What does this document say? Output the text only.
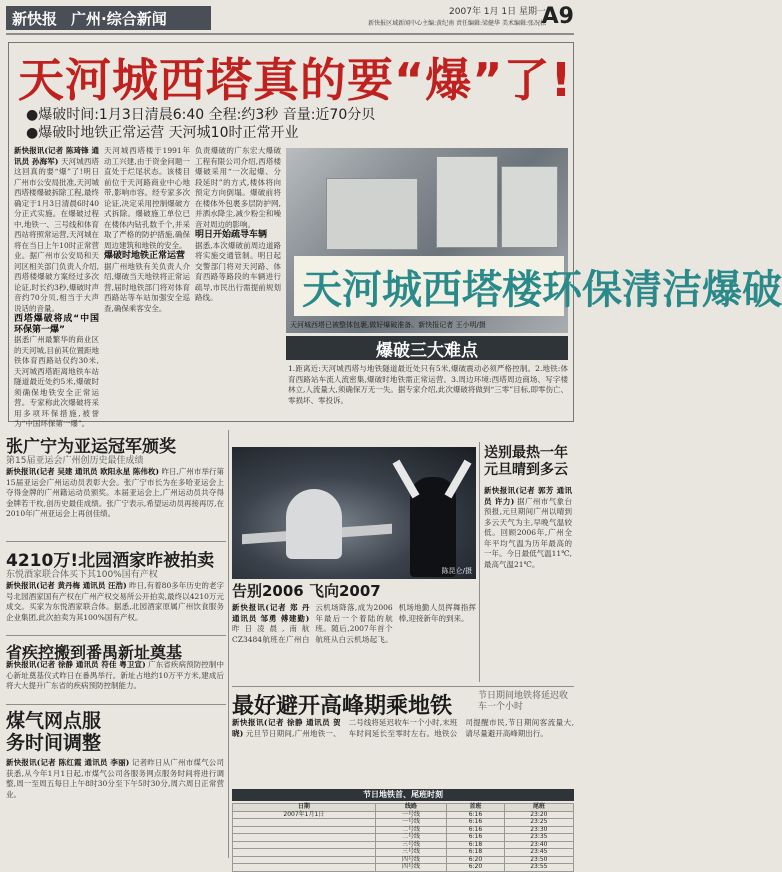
新快报 广州·综合新闻	2007年 1月 1日 星期一
新快报区域新闻中心主编:黄纪南 责任编辑:梁健华 美术编辑:张况松
A9
天河城西塔真的要“爆”了!
●爆破时间:1月3日清晨6:40 全程:约3秒 音量:近70分贝
●爆破时地铁正常运营 天河城10时正常开业
新快报讯(记者 陈琦锋 通讯员 孙海军) 天河城西塔这回真的要“爆”了!明日广州市公安局批准,天河城西塔楼爆破拆除工程,最终确定于1月3日清晨6时40分正式实施。在爆破过程中,地铁一、三号线和体育西站将照常运营,天河城在将在当日上午10时正常营业。据广州市公安局和天河区相关部门负责人介绍,西塔楼爆破方案经过多次论证,时长约3秒,爆破时声音约70分贝,相当于大声说话的音量。
西塔爆破将成“中国环保第一爆”
据悉广州最繁华的商业区的天河城,目前其位置距地铁体育西路站仅约30米,天河城西塔距离地铁车站隧道最近处约5米,爆破时须确保地铁安全正常运营。专家称此次爆破将采用多项环保措施,被誉为“中国环保第一爆”。
天河城西塔楼于1991年动工兴建,由于资金问题一直处于烂尾状态。该楼目前位于天河路商业中心地带,影响市容。经专家多次论证,决定采用控制爆破方式拆除。爆破施工单位已在楼体内钻孔数千个,并采取了严格的防护措施,确保周边建筑和地铁的安全。
爆破时地铁正常运营
据广州地铁有关负责人介绍,爆破当天地铁将正常运营,届时地铁部门将对体育西路站等车站加强安全巡查,确保乘客安全。
负责爆破的广东宏大爆破工程有限公司介绍,西塔楼爆破采用“一次起爆、分段延时”的方式,楼体将向预定方向倒塌。爆破前将在楼体外包裹多层防护网,并洒水降尘,减少粉尘和噪音对周边的影响。
明日开始疏导车辆
据悉,本次爆破前周边道路将实施交通管制。明日起交警部门将对天河路、体育西路等路段的车辆进行疏导,市民出行需提前规划路线。	天河城西塔楼环保清洁爆破
天河城西塔已被整体包裹,做好爆破准备。新快报记者 王小明/摄
爆破三大难点
1.距离近:天河城西塔与地铁隧道最近处只有5米,爆破震动必须严格控制。2.地铁:体育西路站车流人流密集,爆破时地铁需正常运营。3.周边环境:西塔周边商场、写字楼林立,人流量大,须确保万无一失。据专家介绍,此次爆破将做到“三零”目标,即零伤亡、零损坏、零投诉。
张广宁为亚运冠军颁奖
第15届亚运会广州创历史最佳成绩
新快报讯(记者 吴建 通讯员 欧阳永星 陈伟枚) 昨日,广州市举行第15届亚运会广州运动员表彰大会。张广宁市长为在多哈亚运会上夺得金牌的广州籍运动员颁奖。本届亚运会上,广州运动员共夺得金牌若干枚,创历史最佳成绩。张广宁表示,希望运动员再接再厉,在2010年广州亚运会上再创佳绩。
4210万!北园酒家昨被拍卖
东悦酒家联合体买下其100%国有产权
新快报讯(记者 黄丹梅 通讯员 汪浩) 昨日,有着80多年历史的老字号北园酒家国有产权在广州产权交易所公开拍卖,最终以4210万元成交。买家为东悦酒家联合体。据悉,北园酒家原属广州饮食服务企业集团,此次拍卖为其100%国有产权。
省疾控搬到番禺新址奠基
新快报讯(记者 徐静 通讯员 符佳 粤卫宣) 广东省疾病预防控制中心新址奠基仪式昨日在番禺举行。新址占地约10万平方米,建成后将大大提升广东省的疾病预防控制能力。
煤气网点服务时间调整
新快报讯(记者 陈红霞 通讯员 李丽) 记者昨日从广州市煤气公司获悉,从今年1月1日起,市煤气公司各服务网点服务时间将进行调整,周一至周五每日上午8时30分至下午5时30分,周六周日正常营业。
陈昆仑/摄
告别2006 飞向2007
新快报讯(记者 郑 丹 通讯员 邹勇 傅建勤) 昨日凌晨,南航CZ3484航班在广州白云机场降落,成为2006年最后一个着陆的航班。随后,2007年首个航班从白云机场起飞。机场地勤人员挥舞指挥棒,迎接新年的到来。
送别最热一年元旦晴到多云
新快报讯(记者 郭芳 通讯员 许力) 据广州市气象台预报,元旦期间广州以晴到多云天气为主,早晚气温较低。回顾2006年,广州全年平均气温为历年最高的一年。今日最低气温11℃,最高气温21℃。
最好避开高峰期乘地铁	节日期间地铁将延迟收车一个小时
新快报讯(记者 徐静 通讯员 贺晓) 元旦节日期间,广州地铁一、二号线将延迟收车一个小时,末班车时间延长至零时左右。地铁公司提醒市民,节日期间客流量大,请尽量避开高峰期出行。
节日地铁首、尾班时刻
日期	线路	首班	尾班
2007年1月1日	一号线	6:16	23:20
	一号线	6:16	23:25
	二号线	6:16	23:30
	二号线	6:16	23:35
	三号线	6:18	23:40
	三号线	6:18	23:45
	四号线	6:20	23:50
	四号线	6:20	23:55
